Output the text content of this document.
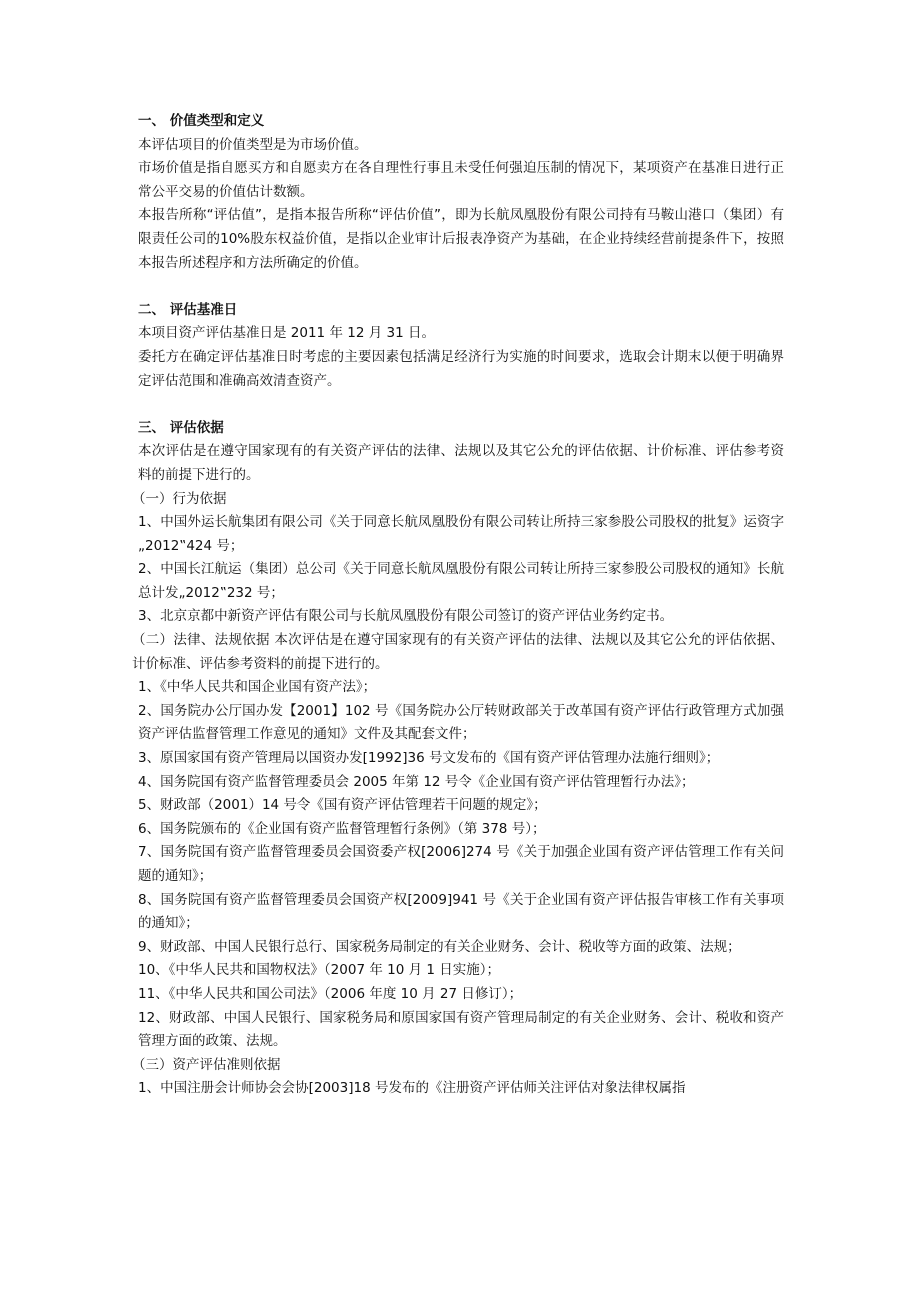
一、 价值类型和定义
本评估项目的价值类型是为市场价值。
市场价值是指自愿买方和自愿卖方在各自理性行事且未受任何强迫压制的情况下，某项资产在基准日进行正常公平交易的价值估计数额。
本报告所称“评估值”，是指本报告所称“评估价值”，即为长航凤凰股份有限公司持有马鞍山港口（集团）有限责任公司的10%股东权益价值，是指以企业审计后报表净资产为基础，在企业持续经营前提条件下，按照本报告所述程序和方法所确定的价值。
二、 评估基准日
本项目资产评估基准日是 2011 年 12 月 31 日。
委托方在确定评估基准日时考虑的主要因素包括满足经济行为实施的时间要求，选取会计期末以便于明确界定评估范围和准确高效清查资产。
三、 评估依据
本次评估是在遵守国家现有的有关资产评估的法律、法规以及其它公允的评估依据、计价标准、评估参考资料的前提下进行的。
（一）行为依据
1、中国外运长航集团有限公司《关于同意长航凤凰股份有限公司转让所持三家参股公司股权的批复》运资字„2012‟424 号；
2、中国长江航运（集团）总公司《关于同意长航凤凰股份有限公司转让所持三家参股公司股权的通知》长航总计发„2012‟232 号；
3、北京京都中新资产评估有限公司与长航凤凰股份有限公司签订的资产评估业务约定书。
（二）法律、法规依据 本次评估是在遵守国家现有的有关资产评估的法律、法规以及其它公允的评估依据、计价标准、评估参考资料的前提下进行的。
1、《中华人民共和国企业国有资产法》；
2、国务院办公厅国办发【2001】102 号《国务院办公厅转财政部关于改革国有资产评估行政管理方式加强资产评估监督管理工作意见的通知》文件及其配套文件；
3、原国家国有资产管理局以国资办发[1992]36 号文发布的《国有资产评估管理办法施行细则》；
4、国务院国有资产监督管理委员会 2005 年第 12 号令《企业国有资产评估管理暂行办法》；
5、财政部（2001）14 号令《国有资产评估管理若干问题的规定》；
6、国务院颁布的《企业国有资产监督管理暂行条例》（第 378 号）；
7、国务院国有资产监督管理委员会国资委产权[2006]274 号《关于加强企业国有资产评估管理工作有关问题的通知》；
8、国务院国有资产监督管理委员会国资产权[2009]941 号《关于企业国有资产评估报告审核工作有关事项的通知》；
9、财政部、中国人民银行总行、国家税务局制定的有关企业财务、会计、税收等方面的政策、法规；
10、《中华人民共和国物权法》（2007 年 10 月 1 日实施）；
11、《中华人民共和国公司法》（2006 年度 10 月 27 日修订）；
12、财政部、中国人民银行、国家税务局和原国家国有资产管理局制定的有关企业财务、会计、税收和资产管理方面的政策、法规。
（三）资产评估准则依据
1、中国注册会计师协会会协[2003]18 号发布的《注册资产评估师关注评估对象法律权属指
